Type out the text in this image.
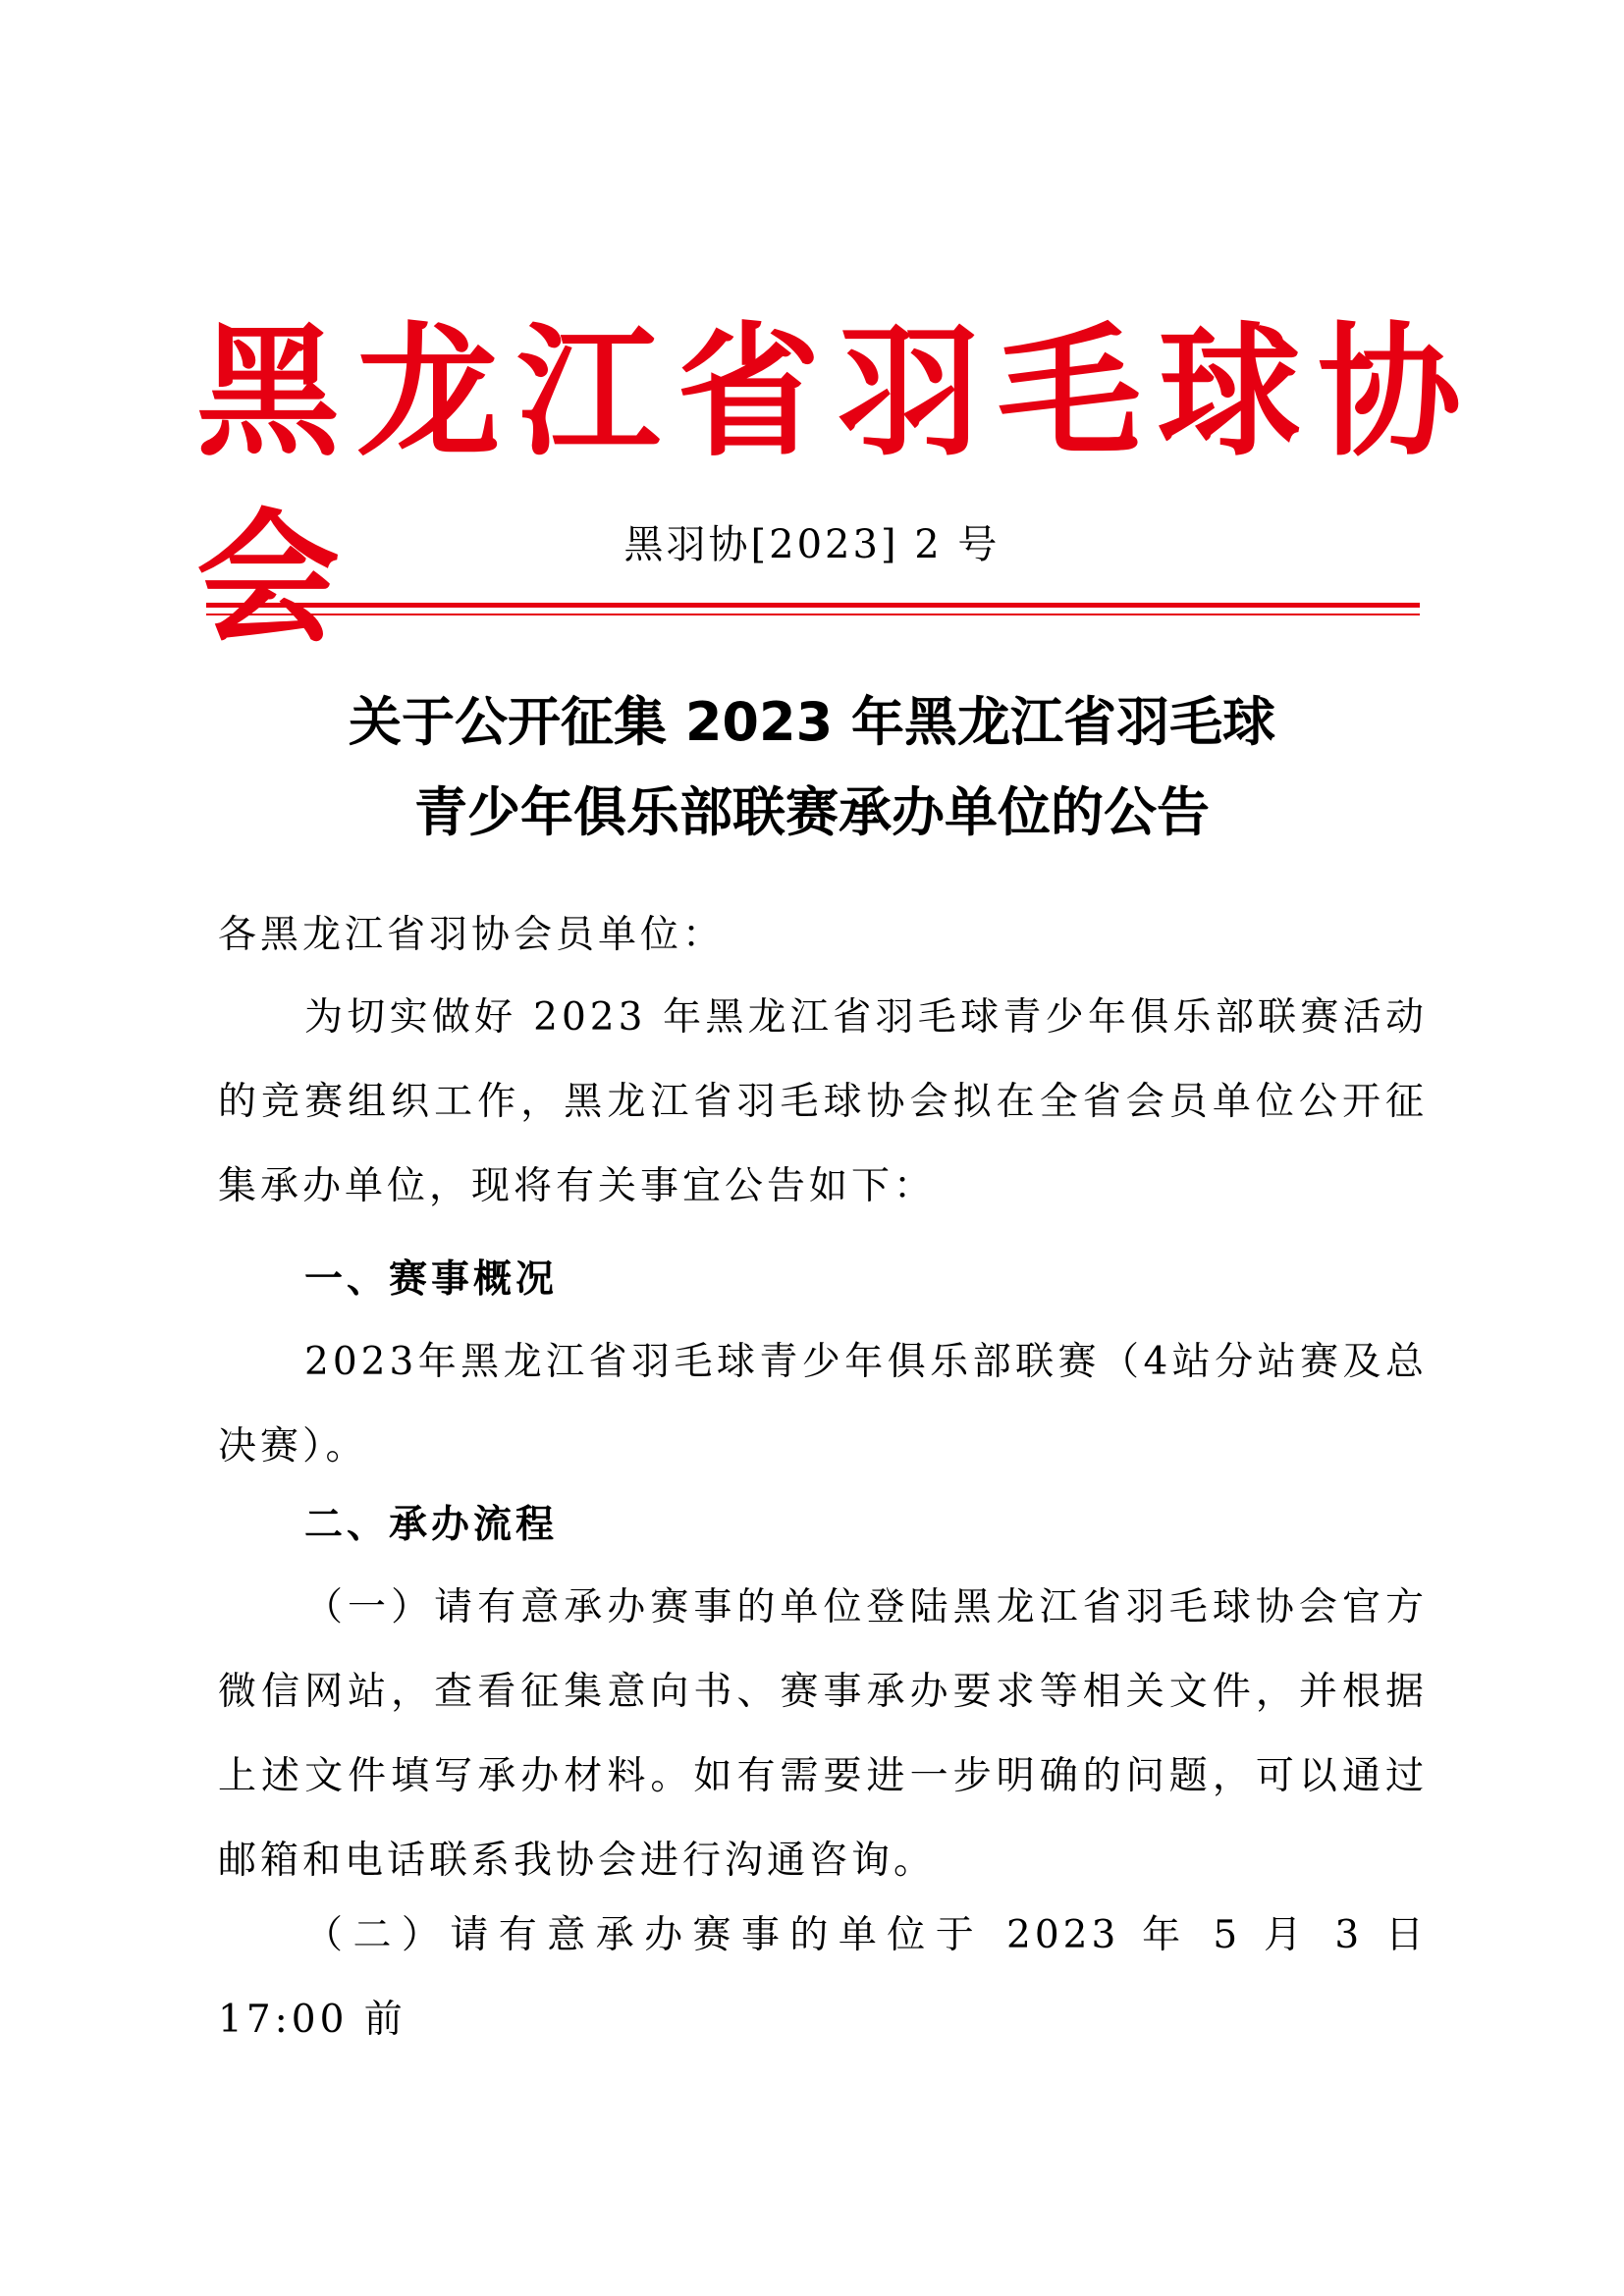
黑龙江省羽毛球协会	黑羽协[2023] 2 号
关于公开征集 2023 年黑龙江省羽毛球
青少年俱乐部联赛承办单位的公告
各黑龙江省羽协会员单位：
为切实做好 2023 年黑龙江省羽毛球青少年俱乐部联赛活动的竞赛组织工作，黑龙江省羽毛球协会拟在全省会员单位公开征集承办单位，现将有关事宜公告如下：
一、赛事概况
2023年黑龙江省羽毛球青少年俱乐部联赛（4站分站赛及总决赛）。
二、承办流程
（一）请有意承办赛事的单位登陆黑龙江省羽毛球协会官方微信网站，查看征集意向书、赛事承办要求等相关文件，并根据上述文件填写承办材料。如有需要进一步明确的问题，可以通过邮箱和电话联系我协会进行沟通咨询。
（二）请有意承办赛事的单位于 2023 年 5 月 3 日 17:00 前
